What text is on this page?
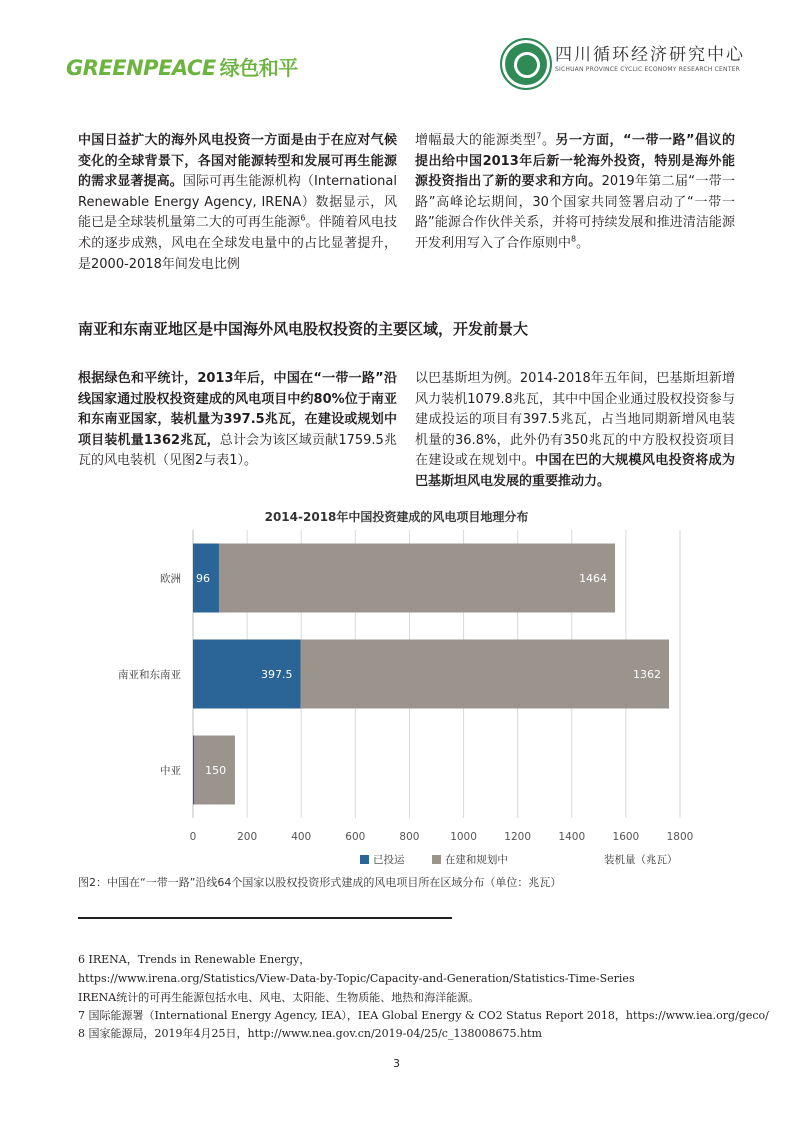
GREENPEACE 绿色和平
四川循环经济研究中心
SICHUAN PROVINCE CYCLIC ECONOMY RESEARCH CENTER
中国日益扩大的海外风电投资一方面是由于在应对气候变化的全球背景下，各国对能源转型和发展可再生能源的需求显著提高。国际可再生能源机构（International Renewable Energy Agency, IRENA）数据显示，风能已是全球装机量第二大的可再生能源$^6$。伴随着风电技术的逐步成熟，风电在全球发电量中的占比显著提升，是2000-2018年间发电比例
增幅最大的能源类型$^7$。另一方面，“一带一路”倡议的提出给中国2013年后新一轮海外投资，特别是海外能源投资指出了新的要求和方向。2019年第二届“一带一路”高峰论坛期间，30个国家共同签署启动了“一带一路”能源合作伙伴关系，并将可持续发展和推进清洁能源开发利用写入了合作原则中$^8$。
南亚和东南亚地区是中国海外风电股权投资的主要区域，开发前景大
根据绿色和平统计，2013年后，中国在“一带一路”沿线国家通过股权投资建成的风电项目中约80%位于南亚和东南亚国家，装机量为397.5兆瓦，在建设或规划中项目装机量1362兆瓦，总计会为该区域贡献1759.5兆瓦的风电装机（见图2与表1）。
以巴基斯坦为例。2014-2018年五年间，巴基斯坦新增风力装机1079.8兆瓦，其中中国企业通过股权投资参与建成投运的项目有397.5兆瓦，占当地同期新增风电装机量的36.8%，此外仍有350兆瓦的中方股权投资项目在建设或在规划中。中国在巴的大规模风电投资将成为巴基斯坦风电发展的重要推动力。
2014-2018年中国投资建成的风电项目地理分布
0	200	400	600	800	1000	1200	1400	1600	1800
欧洲 96	1464
南亚和东南亚	397.5	1362
中亚 150
已投运	在建和规划中	装机量（兆瓦）
图2：中国在“一带一路”沿线64个国家以股权投资形式建成的风电项目所在区域分布（单位：兆瓦）
6 IRENA，Trends in Renewable Energy，
https://www.irena.org/Statistics/View-Data-by-Topic/Capacity-and-Generation/Statistics-Time-Series
IRENA统计的可再生能源包括水电、风电、太阳能、生物质能、地热和海洋能源。
7 国际能源署（International Energy Agency, IEA），IEA Global Energy & CO2 Status Report 2018，https://www.iea.org/geco/
8 国家能源局，2019年4月25日，http://www.nea.gov.cn/2019-04/25/c_138008675.htm
3
